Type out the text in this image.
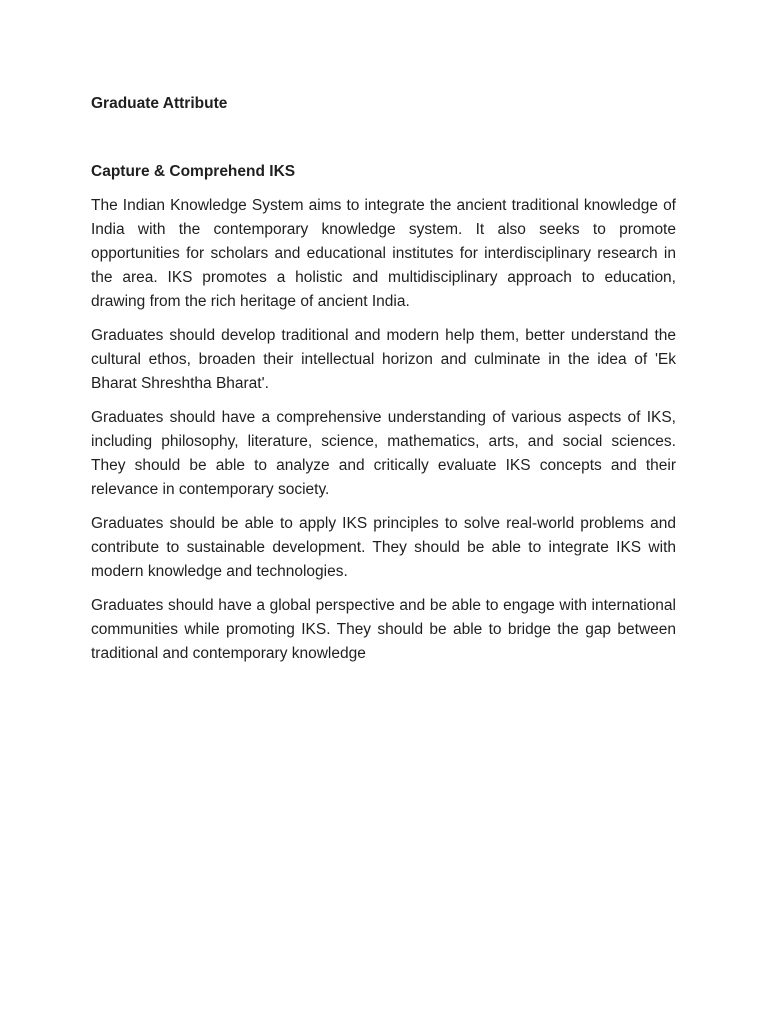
Graduate Attribute

Capture & Comprehend IKS

The Indian Knowledge System aims to integrate the ancient traditional knowledge of India with the contemporary knowledge system. It also seeks to promote opportunities for scholars and educational institutes for interdisciplinary research in the area. IKS promotes a holistic and multidisciplinary approach to education, drawing from the rich heritage of ancient India.

Graduates should develop traditional and modern help them, better understand the cultural ethos, broaden their intellectual horizon and culminate in the idea of 'Ek Bharat Shreshtha Bharat'.

Graduates should have a comprehensive understanding of various aspects of IKS, including philosophy, literature, science, mathematics, arts, and social sciences. They should be able to analyze and critically evaluate IKS concepts and their relevance in contemporary society.

Graduates should be able to apply IKS principles to solve real-world problems and contribute to sustainable development. They should be able to integrate IKS with modern knowledge and technologies.

Graduates should have a global perspective and be able to engage with international communities while promoting IKS. They should be able to bridge the gap between traditional and contemporary knowledge
